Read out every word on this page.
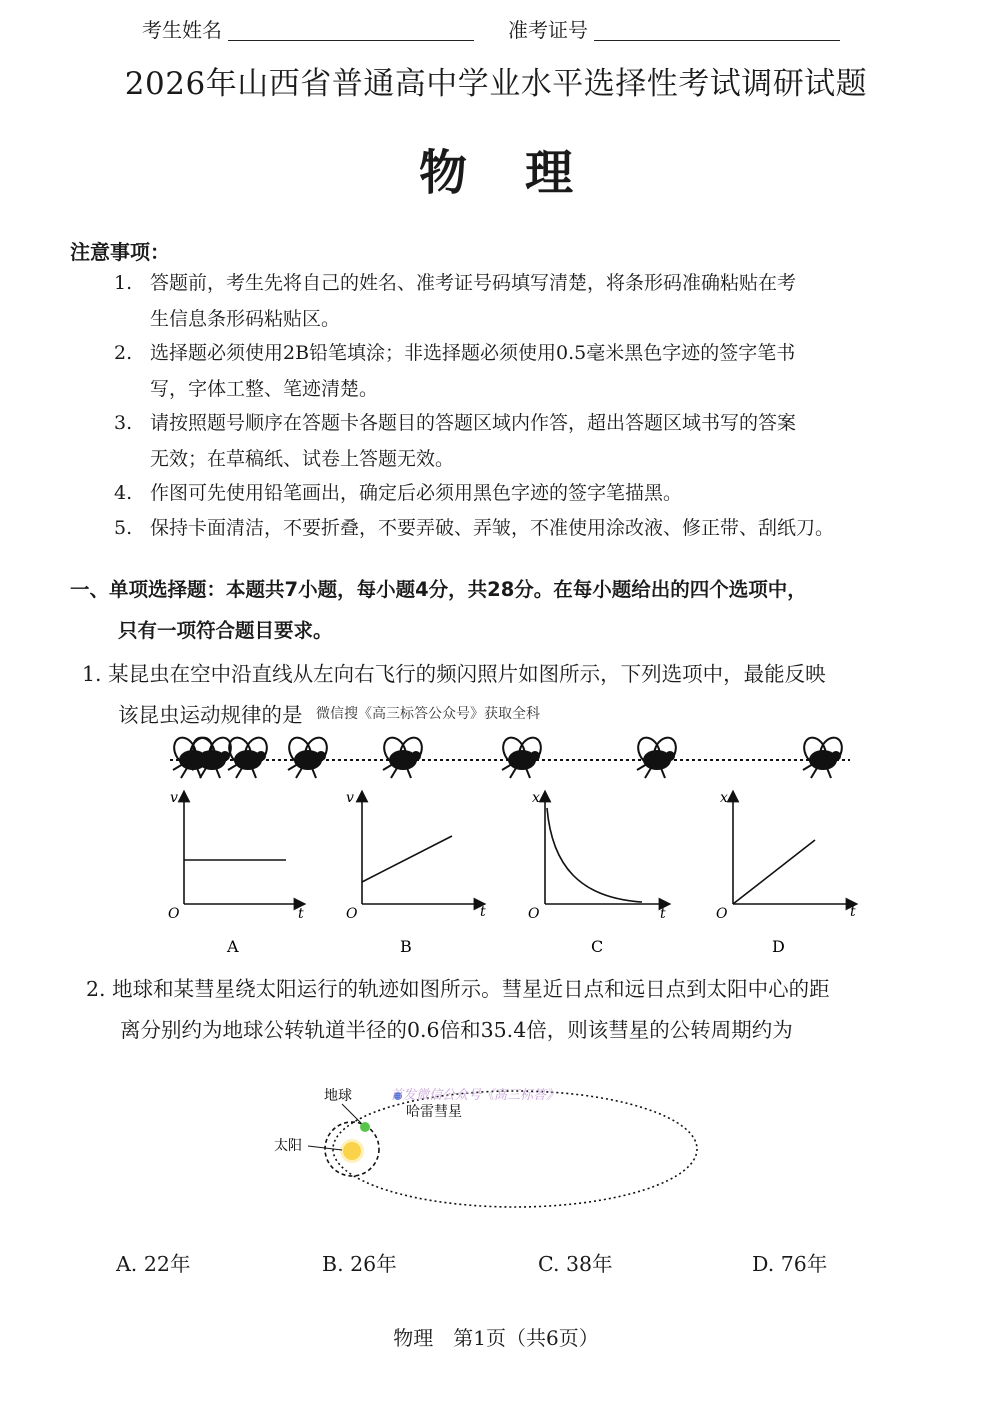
考生姓名	准考证号
2026年山西省普通高中学业水平选择性考试调研试题
物 理
注意事项：
1. 答题前，考生先将自己的姓名、准考证号码填写清楚，将条形码准确粘贴在考
生信息条形码粘贴区。
2. 选择题必须使用2B铅笔填涂；非选择题必须使用0.5毫米黑色字迹的签字笔书
写，字体工整、笔迹清楚。
3. 请按照题号顺序在答题卡各题目的答题区域内作答，超出答题区域书写的答案
无效；在草稿纸、试卷上答题无效。
4. 作图可先使用铅笔画出，确定后必须用黑色字迹的签字笔描黑。
5. 保持卡面清洁，不要折叠，不要弄破、弄皱，不准使用涂改液、修正带、刮纸刀。
一、单项选择题：本题共7小题，每小题4分，共28分。在每小题给出的四个选项中，
只有一项符合题目要求。
1. 某昆虫在空中沿直线从左向右飞行的频闪照片如图所示，下列选项中，最能反映
该昆虫运动规律的是 微信搜《高三标答公众号》获取全科
v
t
O
A
v
t
O
B
x
t
O
C
x
t
O
D
2. 地球和某彗星绕太阳运行的轨迹如图所示。彗星近日点和远日点到太阳中心的距
离分别约为地球公转轨道半径的0.6倍和35.4倍，则该彗星的公转周期约为
地球
太阳
哈雷彗星
首发微信公众号《高三标答》
A. 22年	B. 26年	C. 38年	D. 76年
物理　第1页（共6页）
